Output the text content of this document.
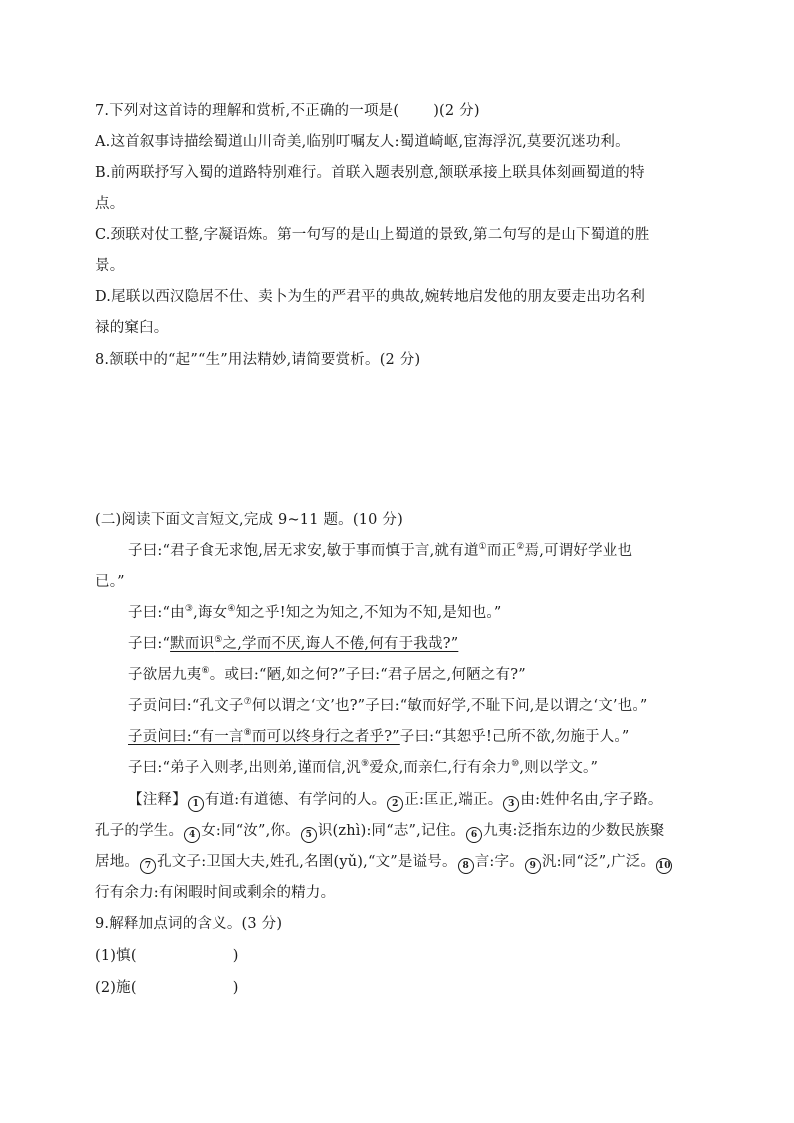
7.下列对这首诗的理解和赏析,不正确的一项是( )(2 分)
A.这首叙事诗描绘蜀道山川奇美,临别叮嘱友人:蜀道崎岖,宦海浮沉,莫要沉迷功利。
B.前两联抒写入蜀的道路特别难行。首联入题表别意,颔联承接上联具体刻画蜀道的特
点。
C.颈联对仗工整,字凝语炼。第一句写的是山上蜀道的景致,第二句写的是山下蜀道的胜
景。
D.尾联以西汉隐居不仕、卖卜为生的严君平的典故,婉转地启发他的朋友要走出功名利
禄的窠臼。
8.颔联中的“起”“生”用法精妙,请简要赏析。(2 分)
(二)阅读下面文言短文,完成 9~11 题。(10 分)
子曰:“君子食无求饱,居无求安,敏于事而慎于言,就有道①而正②焉,可谓好学业也
已。”
子曰:“由③,诲女④知之乎!知之为知之,不知为不知,是知也。”
子曰:“默而识⑤之,学而不厌,诲人不倦,何有于我哉?”
子欲居九夷⑥。或曰:“陋,如之何?”子曰:“君子居之,何陋之有?”
子贡问曰:“孔文子⑦何以谓之‘文’也?”子曰:“敏而好学,不耻下问,是以谓之‘文’也。”
子贡问曰:“有一言⑧而可以终身行之者乎?”子曰:“其恕乎!己所不欲,勿施于人。”
子曰:“弟子入则孝,出则弟,谨而信,汎⑨爱众,而亲仁,行有余力⑩,则以学文。”
【注释】 1 有道:有道德、有学问的人。 2 正:匡正,端正。 3 由:姓仲名由,字子路。
孔子的学生。 4 女:同“汝”,你。 5 识(zhì):同“志”,记住。 6 九夷:泛指东边的少数民族聚
居地。 7 孔文子:卫国大夫,姓孔,名圉(yǔ),“文”是谥号。 8 言:字。 9 汎:同“泛”,广泛。 10
行有余力:有闲暇时间或剩余的精力。
9.解释加点词的含义。(3 分)
(1)慎(	)
(2)施(	)
